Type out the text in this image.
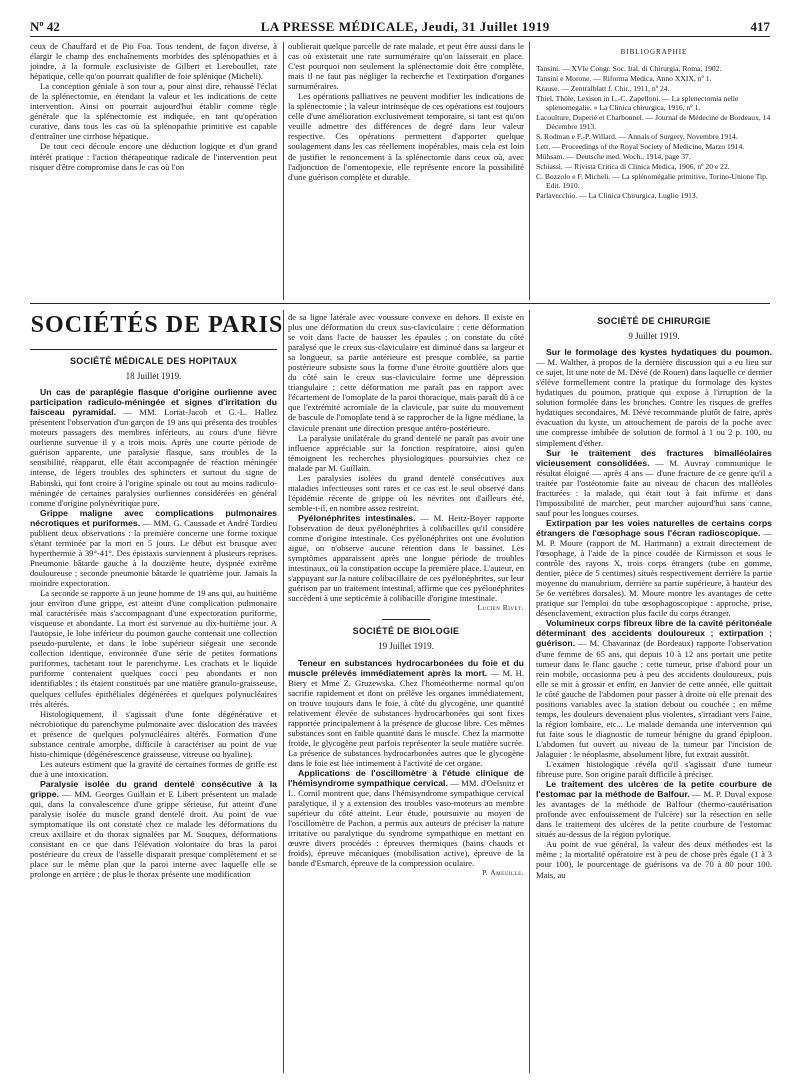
Nº 42	LA PRESSE MÉDICALE, Jeudi, 31 Juillet 1919	417

ceux de Chauffard et de Pio Foa. Tous tendent, de façon diverse, à élargir le champ des enchaînements morbides des splénopathies et à joindre, à la formule exclusiviste de Gilbert et Lereboullet, rate hépatique, celle qu'on pourrait qualifier de foie splénique (Micheli).

La conception géniale à son tour a, pour ainsi dire, rehaussé l'éclat de la splénectomie, en étendant la valeur et les indications de cette intervention. Ainsi on pourrait aujourd'hui établir comme règle générale que la splénectomie est indiquée, en tant qu'opération curative, dans tous les cas où la splénopathie primitive est capable d'entraîner une cirrhose hépatique.

De tout ceci découle encore une déduction logique et d'un grand intérêt pratique : l'action thérapeutique radicale de l'intervention peut risquer d'être compromise dans le cas où l'on

oublierait quelque parcelle de rate malade, et peut être aussi dans le cas où existerait une rate surnuméraire qu'on laisserait en place. C'est pourquoi non seulement la splénectomie doit être complète, mais il ne faut pas négliger la recherche et l'extirpation d'organes surnuméraires.

Les opérations palliatives ne peuvent modifier les indications de la splénectomie ; la valeur intrinsèque de ces opérations est toujours celle d'une amélioration exclusivement temporaire, si tant est qu'on veuille admettre des différences de degré dans leur valeur respective. Ces opérations permettent d'apporter quelque soulagement dans les cas réellement inopérables, mais cela est loin de justifier le renoncement à la splénectomie dans ceux où, avec l'adjonction de l'omentopexie, elle représente encore la possibilité d'une guérison complète et durable.

BIBLIOGRAPHIE

Tansini. — XVIe Congr. Soc. Ital. di Chirurgia, Roma, 1902.

Tansini e Morone. — Riforma Medica, Anno XXIX, nº 1.

Krause. — Zentralblatt f. Chir., 1911, nº 24.

Thiel, Thöle, Lexison in L.-C. Zapelloni. — La splenectomia nelle splenomegalie. » La Clinica chirurgica, 1916, nº 1.

Lacoulture, Duperié et Charbonnel. — Journal de Médecine de Bordeaux, 14 Décembre 1913.

S. Rodman e F.-P. Willard. — Annals of Surgery, Novembre 1914.

Lett. — Proceedings of the Royal Society of Medicine, Marzo 1914.

Mühsam. — Deutsche med. Woch., 1914, page 37.

Schiassi. — Rivista Critica di Clinica Medica, 1906, nº 20 e 22.

C. Bozzolo e F. Micheli. — La splénomégalie primitive, Torino-Unione Tip. Edit. 1910.

Parlavecchio. — La Clinica Chirurgica, Luglio 1913.

SOCIÉTÉS DE PARIS
SOCIÉTÉ MÉDICALE DES HOPITAUX
18 Juillet 1919.

Un cas de paraplégie flasque d'origine ourlienne avec participation radiculo-méningée et signes d'irritation du faisceau pyramidal. — MM. Lortat-Jacob et G.-L. Hallez présentent l'observation d'un garçon de 19 ans qui présenta des troubles moteurs passagers des membres inférieurs, au cours d'une fièvre ourlienne survenue il y a trois mois. Après une courte période de guérison apparente, une paralysie flasque, sans troubles de la sensibilité, réapparut, elle était accompagnée de réaction méningée intense, de légers troubles des sphincters et surtout du signe de Babinski, qui font croire à l'origine spinale ou tout au moins radiculo-méningée de certaines paralysies ourliennes considérées en général comme d'origine polynévritique pure.

Grippe maligne avec complications pulmonaires nécrotiques et puriformes. — MM. G. Caussade et André Tardieu publient deux observations : la première concerne une forme toxique s'étant terminée par la mort en 5 jours. Le début est brusque avec hyperthermie à 39°-41°. Des épistaxis surviennent à plusieurs reprises. Pneumonie bâtarde gauche à la douzième heure, dyspnée extrême douloureuse ; seconde pneumonie bâtarde le quatrième jour. Jamais la moindre expectoration.

La seconde se rapporte à un jeune homme de 19 ans qui, au huitième jour environ d'une grippe, est atteint d'une complication pulmonaire mal caractérisée mais s'accompagnant d'une expectoration puriforme, visqueuse et abondante. La mort est survenue au dix-huitième jour. A l'autopsie, le lobe inférieur du poumon gauche contenait une collection pseudo-purulente, et dans le lobe supérieur siégeait une seconde collection identique, environnée d'une série de petites formations puriformes, tachetant tout le parenchyme. Les crachats et le liquide puriforme contenaient quelques cocci peu abondants et non identifiables ; ils étaient constitués par une matière granulo-graisseuse, quelques cellules épithéliales dégénérées et quelques polynucléaires très altérés.

Histologiquement, il s'agissait d'une fonte dégénérative et nécrobiotique du parenchyme pulmonaire avec dislocation des travées et présence de quelques polynucléaires altérés. Formation d'une substance centrale amorphe, difficile à caractériser au point de vue histo-chimique (dégénérescence graisseuse, vitreuse ou hyaline).

Les auteurs estiment que la gravité de certaines formes de griffe est due à une intoxication.

Paralysie isolée du grand dentelé consécutive à la grippe. — MM. Georges Guillain et E Libert présentent un malade qui, dans la convalescence d'une grippe sérieuse, fut atteint d'une paralysie isolée du muscle grand dentelé droit. Au point de vue symptomatique ils ont constaté chez ce malade les déformations du creux axillaire et du thorax signalées par M. Souques, déformations consistant en ce que dans l'élévation volontaire du bras la paroi postérieure du creux de l'asselle disparait presque complètement et se place sur le même plan que la paroi interne avec laquelle elle se prolonge en arrière ; de plus le thorax présente une modification

de sa ligne latérale avec voussure convexe en dehors. Il existe en plus une déformation du creux sus-claviculaire : cette déformation se voit dans l'acte de hausser les épaules ; on constate du côté paralysé que le creux sus-claviculaire est diminué dans sa largeur et sa longueur, sa partie antérieure est presque comblée, sa partie postérieure subsiste sous la forme d'une étroite gouttière alors que du côté sain le creux sus-claviculaire forme une dépression triangulaire ; cette déformation me paraît pas en rapport avec l'écartement de l'omoplate de la paroi thoracique, mais paraît dû à ce que l'extrémité acromiale de la clavicule, par suite du mouvement de bascule de l'omoplate tend à se rapprocher de la ligne médiane, la clavicule prenant une direction presque antéro-postérieure.

La paralysie unilatérale du grand dentelé ne paraît pas avoir une influence appréciable sur la fonction respiratoire, ainsi qu'en témoignent les recherches physiologiques poursuivies chez ce malade par M. Guillain.

Les paralysies isolées du grand dentelé consécutives aux maladies infectieuses sont rares et ce cas est le seul observé dans l'épidémie récente de grippe où les névrites ont d'ailleurs été, semble-t-il, en nombre assez restreint.

Pyélonéphrites intestinales. — M. Heitz-Boyer rapporte l'observation de deux pyélonéphrites à colibacilles qu'il considère comme d'origine intestinale. Ces pyélonéphrites ont une évolution aiguë, on n'observe aucune rétention dans le bassinet. Les symptômes apparaissent après une longue période de troubles intestinaux, où la constipation occupe la première place. L'auteur, en s'appuyant sur la nature colibacillaire de ces pyélonéphrites, sur leur guérison par un traitement intestinal, affirme que ces pyélonéphrites succèdent à une septicémie à colibacille d'origine intestinale.

Lucien Rivet.
SOCIÉTÉ DE BIOLOGIE
19 Juillet 1919.

Teneur en substances hydrocarbonées du foie et du muscle prélevés immédiatement après la mort. — M. H. Biery et Mme Z. Gruzewska. Chez l'homéotherme normal qu'on sacrifie rapidement et dont on prélève les organes immédiatement, on trouve toujours dans le foie, à côté du glycogène, une quantité relativement élevée de substances hydrocarbonées qui sont fixes rapportée principalement à la présence de glucose libre. Ces mêmes substances sont en faible quantité dans le muscle. Chez la marmotte froide, le glycogène peut parfois représenter la seule matière sucrée. La présence de substances hydrocarbonées autres que le glycogène dans le foie est liée intimement à l'activité de cet organe.

Applications de l'oscillomètre à l'étude clinique de l'hémisyndrome sympathique cervical. — MM. d'Oelsnitz et L. Cornil montrent que, dans l'hémisyndrome sympathique cervical paralytique, il y a extension des troubles vaso-moteurs au membre supérieur du côté atteint. Leur étude, poursuivie au moyen de l'oscillomètre de Pachon, a permis aux auteurs de préciser la nature irritative ou paralytique du syndrome sympathique en mettant en œuvre divers procédés : épreuves thermiques (bains chauds et froids), épreuve mécaniques (mobilisation active), épreuve de la bande d'Esmarch, épreuve de la compression oculaire.

P. Ameuille.
SOCIÉTÉ DE CHIRURGIE
9 Juillet 1919.

Sur le formolage des kystes hydatiques du poumon. — M. Walther, à propos de la dernière discussion qui a eu lieu sur ce sujet, lit une note de M. Dévé (de Rouen) dans laquelle ce dernier s'élève formellement contre la pratique du formolage des kystes hydatiques du poumon, pratique qui expose à l'irruption de la solution formolée dans les bronches. Contre les risques de greffes hydatiques secondaires, M. Dévé recommande plutôt de faire, après évacuation du kyste, un attouchement de parois de la poche avec une compresse imbibée de solution de formol à 1 ou 2 p. 100, ou simplement d'éther.

Sur le traitement des fractures bimalléolaires vicieusement consolidées. — M. Auvray communique le résultat éloigné — après 4 ans — d'une fracture de ce genre qu'il a traitée par l'ostéotomie faite au niveau de chacun des malléoles fracturées : la malade, qui était tout à fait infirme et dans l'impossibilité de marcher, peut marcher aujourd'hui sans canne, sauf pour les longues courses.

Extirpation par les voies naturelles de certains corps étrangers de l'œsophage sous l'écran radioscopique. — M. P. Moure (rapport de M. Hartmann) a extrait directement de l'œsophage, à l'aide de la pince coudée de Kirmisson et sous le contrôle des rayons X, trois corps étrangers (tube en gomme, dentier, pièce de 5 centimes) situés respectivement derrière la partie moyenne du manubrium, derrière sa partie supérieure, à hauteur des 5e 6e vertèbres dorsales). M. Moure montre les avantages de cette pratique sur l'emploi du tube œsophagoscopique : approche, prise, désenclavement, extraction plus facile du corps étranger.

Volumineux corps fibreux libre de la cavité péritonéale déterminant des accidents douloureux ; extirpation ; guérison. — M. Chavannaz (de Bordeaux) rapporte l'observation d'une femme de 65 ans, qui depuis 10 à 12 ans portait une petite tumeur dans le flanc gauche ; cette tumeur, prise d'abord pour un rein mobile, occasionna peu à peu des accidents douloureux, puis elle se mit à grossir et enfin, en Janvier de cette année, elle quittait le côté gauche de l'abdomen pour passer à droite où elle prenait des positions variables avec la station debout ou couchée ; en même temps, les douleurs devenaient plus violentes, s'irradiant vers l'aine, la région lombaire, etc... Le malade demanda une intervention qui fut faite sous le diagnostic de tumeur bénigne du grand épiploon. L'abdomen fut ouvert au niveau de la tumeur par l'incision de Jalaguier : le néoplasme, absolument libre, fut extrait aussitôt.

L'examen histologique révéla qu'il s'agissait d'une tumeur fibreuse pure. Son origine paraît difficile à préciser.

Le traitement des ulcères de la petite courbure de l'estomac par la méthode de Balfour. — M. P. Duval expose les avantages de la méthode de Balfour (thermo-cautérisation profonde avec enfouissement de l'ulcère) sur la résection en selle dans le traitement des ulcères de la petite courbure de l'estomac situés au-dessus de la région pylorique.

Au point de vue général, la valeur des deux méthodes est la même ; la mortalité opératoire est à peu de chose près égale (1 à 3 pour 100), le pourcentage de guérisons va de 70 à 80 pour 100. Mais, au
